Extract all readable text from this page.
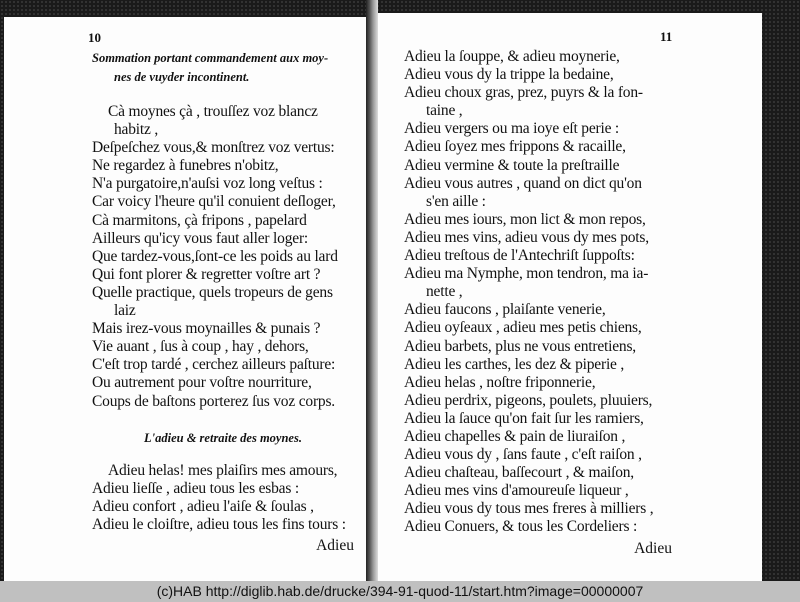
10
Sommation portant commandement aux moy-
nes de vuyder incontinent.
Cà moynes çà , trouſſez voz blancz
habitz ,
Deſpeſchez vous,& monſtrez voz vertus:
Ne regardez à funebres n'obitz,
N'a purgatoire,n'auſsi voz long veſtus :
Car voicy l'heure qu'il conuient deſloger,
Cà marmitons, çà fripons , papelard
Ailleurs qu'icy vous faut aller loger:
Que tardez-vous,ſont-ce les poids au lard
Qui font plorer & regretter voſtre art ?
Quelle practique, quels tropeurs de gens
laiz
Mais irez-vous moynailles & punais ?
Vie auant , ſus à coup , hay , dehors,
C'eſt trop tardé , cerchez ailleurs paſture:
Ou autrement pour voſtre nourriture,
Coups de baſtons porterez ſus voz corps.
L'adieu & retraite des moynes.
Adieu helas! mes plaiſirs mes amours,
Adieu lieſſe , adieu tous les esbas :
Adieu confort , adieu l'aiſe & ſoulas ,
Adieu le cloiſtre, adieu tous les fins tours :
Adieu
11
Adieu la ſouppe, & adieu moynerie,
Adieu vous dy la trippe la bedaine,
Adieu choux gras, prez, puyrs & la fon-
taine ,
Adieu vergers ou ma ioye eſt perie :
Adieu ſoyez mes frippons & racaille,
Adieu vermine & toute la preſtraille
Adieu vous autres , quand on dict qu'on
s'en aille :
Adieu mes iours, mon lict & mon repos,
Adieu mes vins, adieu vous dy mes pots,
Adieu treſtous de l'Antechriſt ſuppoſts:
Adieu ma Nymphe, mon tendron, ma ia-
nette ,
Adieu faucons , plaiſante venerie,
Adieu oyſeaux , adieu mes petis chiens,
Adieu barbets, plus ne vous entretiens,
Adieu les carthes, les dez & piperie ,
Adieu helas , noſtre friponnerie,
Adieu perdrix, pigeons, poulets, pluuiers,
Adieu la ſauce qu'on fait ſur les ramiers,
Adieu chapelles & pain de liuraiſon ,
Adieu vous dy , ſans faute , c'eſt raiſon ,
Adieu chaſteau, baſſecourt , & maiſon,
Adieu mes vins d'amoureuſe liqueur ,
Adieu vous dy tous mes freres à milliers ,
Adieu Conuers, & tous les Cordeliers :
Adieu
(c)HAB http://diglib.hab.de/drucke/394-91-quod-11/start.htm?image=00000007
